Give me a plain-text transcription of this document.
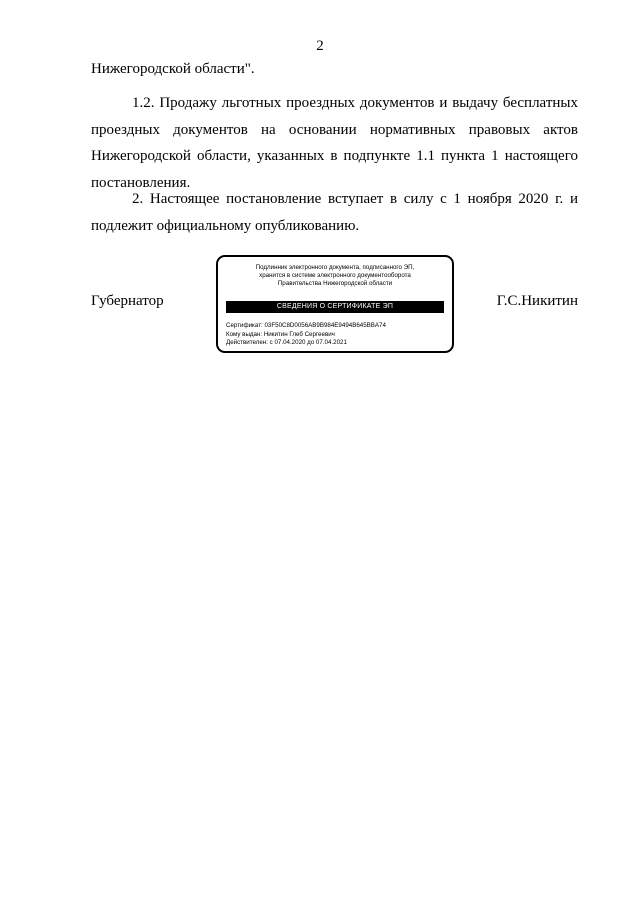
2

Нижегородской области".

1.2. Продажу льготных проездных документов и выдачу бесплатных проездных документов на основании нормативных правовых актов Нижегородской области, указанных в подпункте 1.1 пункта 1 настоящего постановления.

2. Настоящее постановление вступает в силу с 1 ноября 2020 г. и подлежит официальному опубликованию.

Губернатор
Подлинник электронного документа, подписанного ЭП,
хранится в системе электронного документооборота
Правительства Нижегородской области
СВЕДЕНИЯ О СЕРТИФИКАТЕ ЭП
Сертификат: 03F50C8D0056AB9B984E9494B645BBA74
Кому выдан: Никитин Глеб Сергеевич
Действителен: с 07.04.2020 до 07.04.2021
Г.С.Никитин
